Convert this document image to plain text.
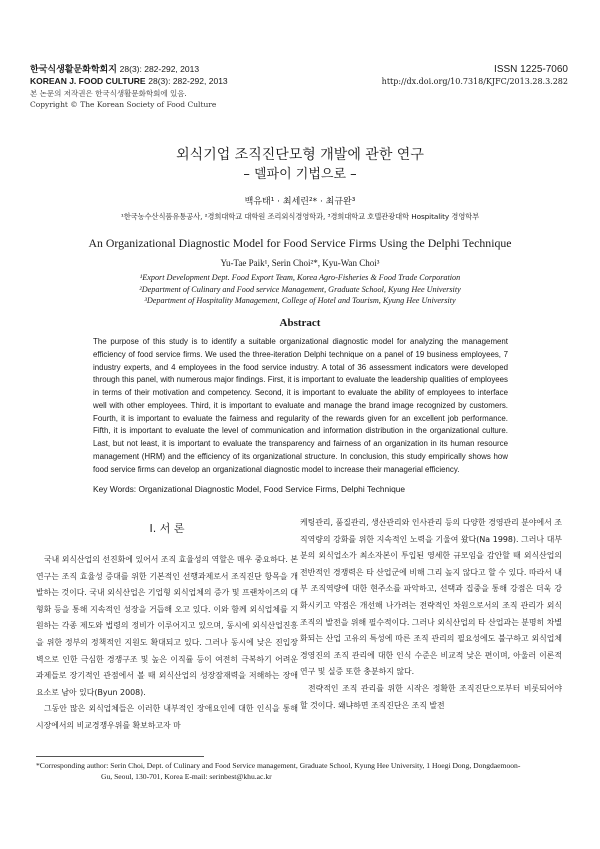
한국식생활문화학회지 28(3): 282-292, 2013
KOREAN J. FOOD CULTURE 28(3): 282-292, 2013
본 논문의 저작권은 한국식생활문화학회에 있음.
Copyright © The Korean Society of Food Culture
ISSN 1225-7060
http://dx.doi.org/10.7318/KJFC/2013.28.3.282
외식기업 조직진단모형 개발에 관한 연구
– 델파이 기법으로 –
백유태¹ · 최세린²* · 최규완³
¹한국농수산식품유통공사, ²경희대학교 대학원 조리외식경영학과, ³경희대학교 호텔관광대학 Hospitality 경영학부
An Organizational Diagnostic Model for Food Service Firms Using the Delphi Technique
Yu-Tae Paik¹, Serin Choi²*, Kyu-Wan Choi³
¹Export Development Dept. Food Export Team, Korea Agro-Fisheries & Food Trade Corporation
²Department of Culinary and Food service Management, Graduate School, Kyung Hee University
³Department of Hospitality Management, College of Hotel and Tourism, Kyung Hee University
Abstract
The purpose of this study is to identify a suitable organizational diagnostic model for analyzing the management efficiency of food service firms. We used the three-iteration Delphi technique on a panel of 19 business employees, 7 industry experts, and 4 employees in the food service industry. A total of 36 assessment indicators were developed through this panel, with numerous major findings. First, it is important to evaluate the leadership qualities of employees in terms of their motivation and competency. Second, it is important to evaluate the ability of employees to interface well with other employees. Third, it is important to evaluate and manage the brand image recognized by customers. Fourth, it is important to evaluate the fairness and regularity of the rewards given for an excellent job performance. Fifth, it is important to evaluate the level of communication and information distribution in the organizational culture. Last, but not least, it is important to evaluate the transparency and fairness of an organization in its human resource management (HRM) and the efficiency of its organizational structure. In conclusion, this study empirically shows how food service firms can develop an organizational diagnostic model to increase their managerial efficiency.
Key Words: Organizational Diagnostic Model, Food Service Firms, Delphi Technique
I. 서 론

국내 외식산업의 선진화에 있어서 조직 효율성의 역할은 매우 중요하다. 본 연구는 조직 효율성 증대를 위한 기본적인 선행과제로서 조직진단 항목을 개발하는 것이다. 국내 외식산업은 기업형 외식업체의 증가 및 프랜차이즈의 대형화 등을 통해 지속적인 성장을 거듭해 오고 있다. 이와 함께 외식업체를 지원하는 각종 제도와 법령의 정비가 이루어지고 있으며, 동시에 외식산업진흥을 위한 정부의 정책적인 지원도 확대되고 있다. 그러나 동시에 낮은 진입장벽으로 인한 극심한 경쟁구조 및 높은 이직률 등이 여전히 극복하기 어려운 과제들로 장기적인 관점에서 볼 때 외식산업의 성장잠재력을 저해하는 장애요소로 남아 있다(Byun 2008).

그동안 많은 외식업체들은 이러한 내부적인 장애요인에 대한 인식을 통해 시장에서의 비교경쟁우위를 확보하고자 마

케팅관리, 품질관리, 생산관리와 인사관리 등의 다양한 경영관리 분야에서 조직역량의 강화를 위한 지속적인 노력을 기울여 왔다(Na 1998). 그러나 대부분의 외식업소가 최소자본이 투입된 영세한 규모임을 감안할 때 외식산업의 전반적인 경쟁력은 타 산업군에 비해 그리 높지 않다고 할 수 있다. 따라서 내부 조직역량에 대한 현주소를 파악하고, 선택과 집중을 통해 강점은 더욱 강화시키고 약점은 개선해 나가려는 전략적인 차원으로서의 조직 관리가 외식조직의 발전을 위해 필수적이다. 그러나 외식산업의 타 산업과는 분명히 차별화되는 산업 고유의 특성에 따른 조직 관리의 필요성에도 불구하고 외식업체 경영진의 조직 관리에 대한 인식 수준은 비교적 낮은 편이며, 아울러 이론적 연구 및 실증 또한 충분하지 않다.

전략적인 조직 관리를 위한 시작은 정확한 조직진단으로부터 비롯되어야 할 것이다. 왜냐하면 조직진단은 조직 발전

*Corresponding author: Serin Choi, Dept. of Culinary and Food Service management, Graduate School, Kyung Hee University, 1 Hoegi Dong, Dongdaemoon-
Gu, Seoul, 130-701, Korea E-mail: serinbest@khu.ac.kr
